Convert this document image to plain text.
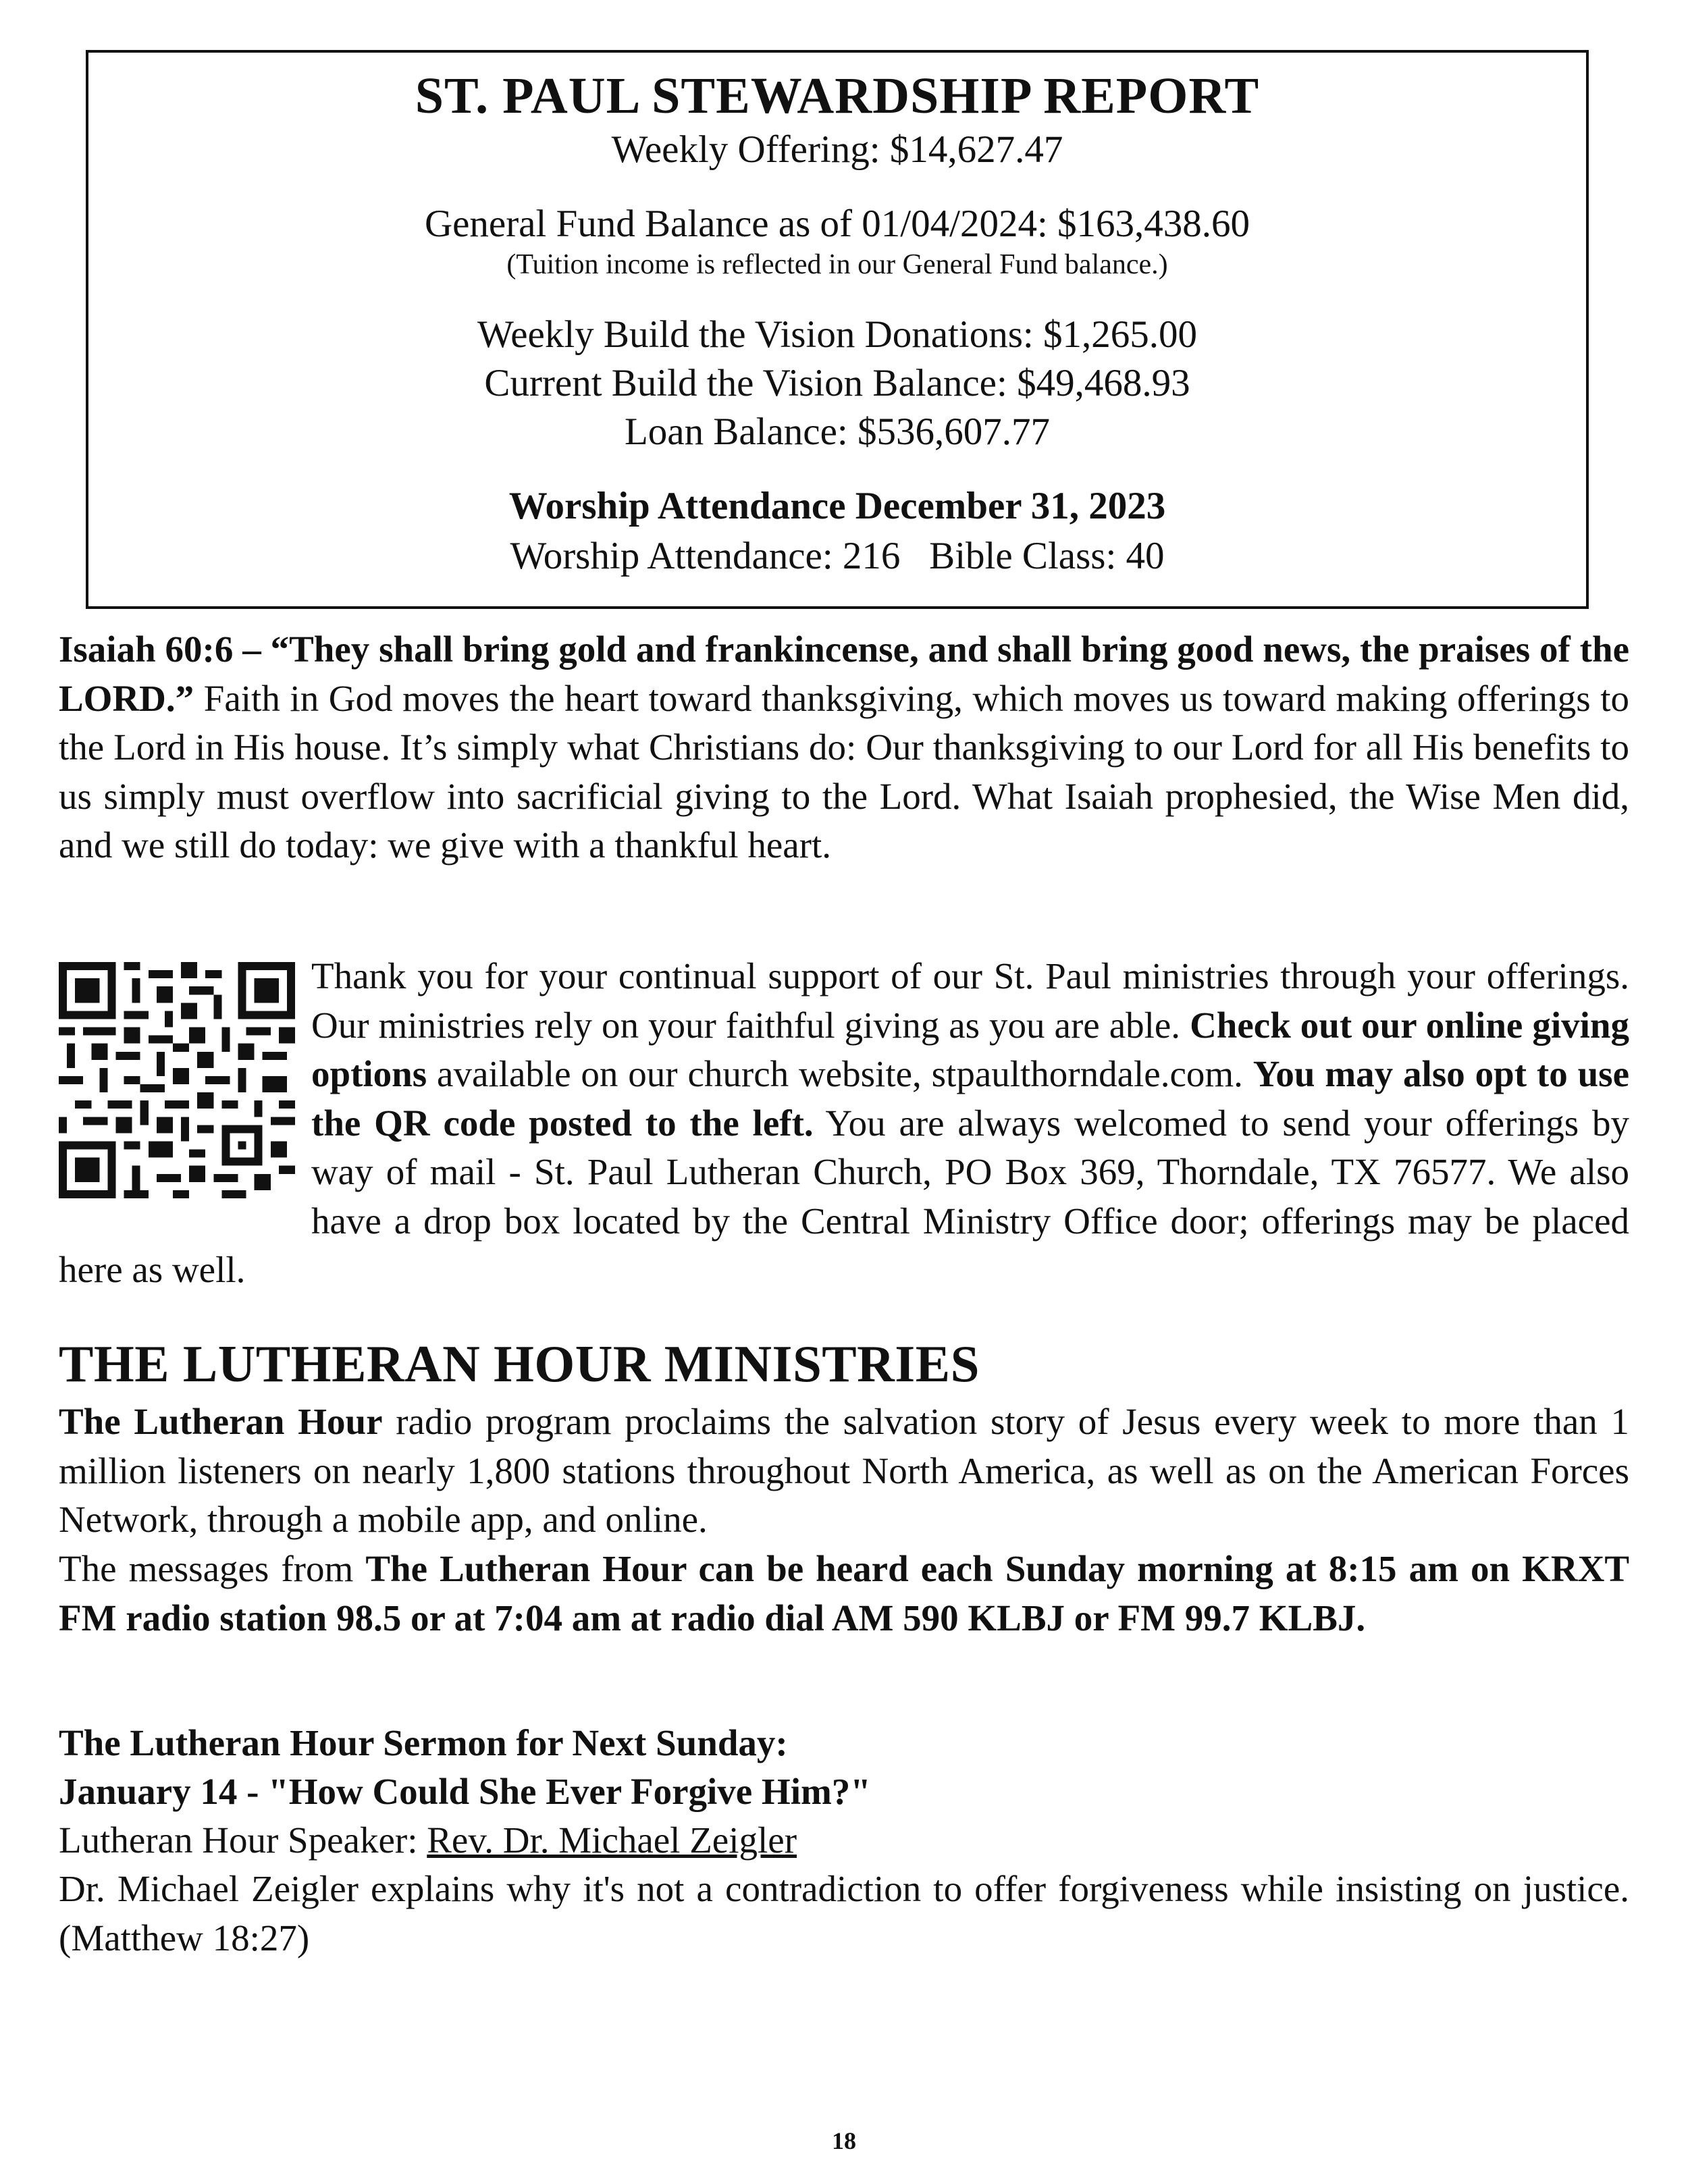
ST. PAUL STEWARDSHIP REPORT
Weekly Offering: $14,627.47
General Fund Balance as of 01/04/2024: $163,438.60
(Tuition income is reflected in our General Fund balance.)
Weekly Build the Vision Donations: $1,265.00
Current Build the Vision Balance: $49,468.93
Loan Balance: $536,607.77
Worship Attendance December 31, 2023
Worship Attendance: 216   Bible Class: 40
Isaiah 60:6 – “They shall bring gold and frankincense, and shall bring good news, the praises of the LORD.” Faith in God moves the heart toward thanksgiving, which moves us toward making offerings to the Lord in His house. It’s simply what Christians do: Our thanksgiving to our Lord for all His benefits to us simply must overflow into sacrificial giving to the Lord. What Isaiah prophesied, the Wise Men did, and we still do today: we give with a thankful heart.
Thank you for your continual support of our St. Paul ministries through your offerings. Our ministries rely on your faithful giving as you are able. Check out our online giving options available on our church website, stpaulthorndale.com. You may also opt to use the QR code posted to the left. You are always welcomed to send your offerings by way of mail - St. Paul Lutheran Church, PO Box 369, Thorndale, TX 76577. We also have a drop box located by the Central Ministry Office door; offerings may be placed here as well.
THE LUTHERAN HOUR MINISTRIES
The Lutheran Hour radio program proclaims the salvation story of Jesus every week to more than 1 million listeners on nearly 1,800 stations throughout North America, as well as on the American Forces Network, through a mobile app, and online.
The messages from The Lutheran Hour can be heard each Sunday morning at 8:15 am on KRXT FM radio station 98.5 or at 7:04 am at radio dial AM 590 KLBJ or FM 99.7 KLBJ.
The Lutheran Hour Sermon for Next Sunday:
January 14 - "How Could She Ever Forgive Him?"
Lutheran Hour Speaker: Rev. Dr. Michael Zeigler
Dr. Michael Zeigler explains why it's not a contradiction to offer forgiveness while insisting on justice. (Matthew 18:27)
18
